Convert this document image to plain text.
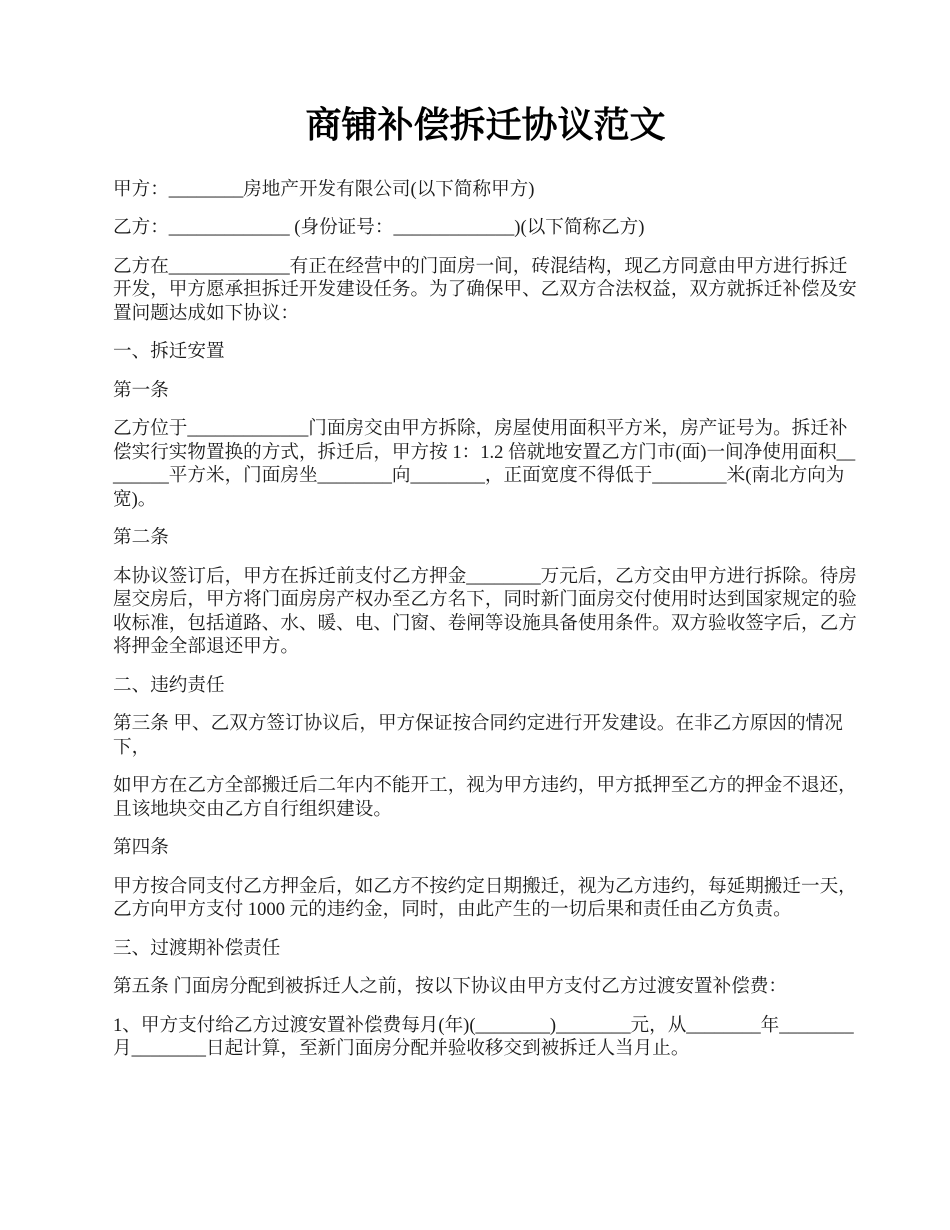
商铺补偿拆迁协议范文

甲方：________房地产开发有限公司(以下简称甲方)

乙方：_____________ (身份证号：_____________)(以下简称乙方)

乙方在_____________有正在经营中的门面房一间，砖混结构，现乙方同意由甲方进行拆迁开发，甲方愿承担拆迁开发建设任务。为了确保甲、乙双方合法权益，双方就拆迁补偿及安置问题达成如下协议：

一、拆迁安置

第一条

乙方位于_____________门面房交由甲方拆除，房屋使用面积平方米，房产证号为。拆迁补偿实行实物置换的方式，拆迁后，甲方按 1：1.2 倍就地安置乙方门市(面)一间净使用面积________平方米，门面房坐________向________，正面宽度不得低于________米(南北方向为宽)。

第二条

本协议签订后，甲方在拆迁前支付乙方押金________万元后，乙方交由甲方进行拆除。待房屋交房后，甲方将门面房房产权办至乙方名下，同时新门面房交付使用时达到国家规定的验收标准，包括道路、水、暖、电、门窗、卷闸等设施具备使用条件。双方验收签字后，乙方将押金全部退还甲方。

二、违约责任

第三条 甲、乙双方签订协议后，甲方保证按合同约定进行开发建设。在非乙方原因的情况下，

如甲方在乙方全部搬迁后二年内不能开工，视为甲方违约，甲方抵押至乙方的押金不退还，且该地块交由乙方自行组织建设。

第四条

甲方按合同支付乙方押金后，如乙方不按约定日期搬迁，视为乙方违约，每延期搬迁一天，乙方向甲方支付 1000 元的违约金，同时，由此产生的一切后果和责任由乙方负责。

三、过渡期补偿责任

第五条 门面房分配到被拆迁人之前，按以下协议由甲方支付乙方过渡安置补偿费：

1、甲方支付给乙方过渡安置补偿费每月(年)(________)________元，从________年________月________日起计算，至新门面房分配并验收移交到被拆迁人当月止。
